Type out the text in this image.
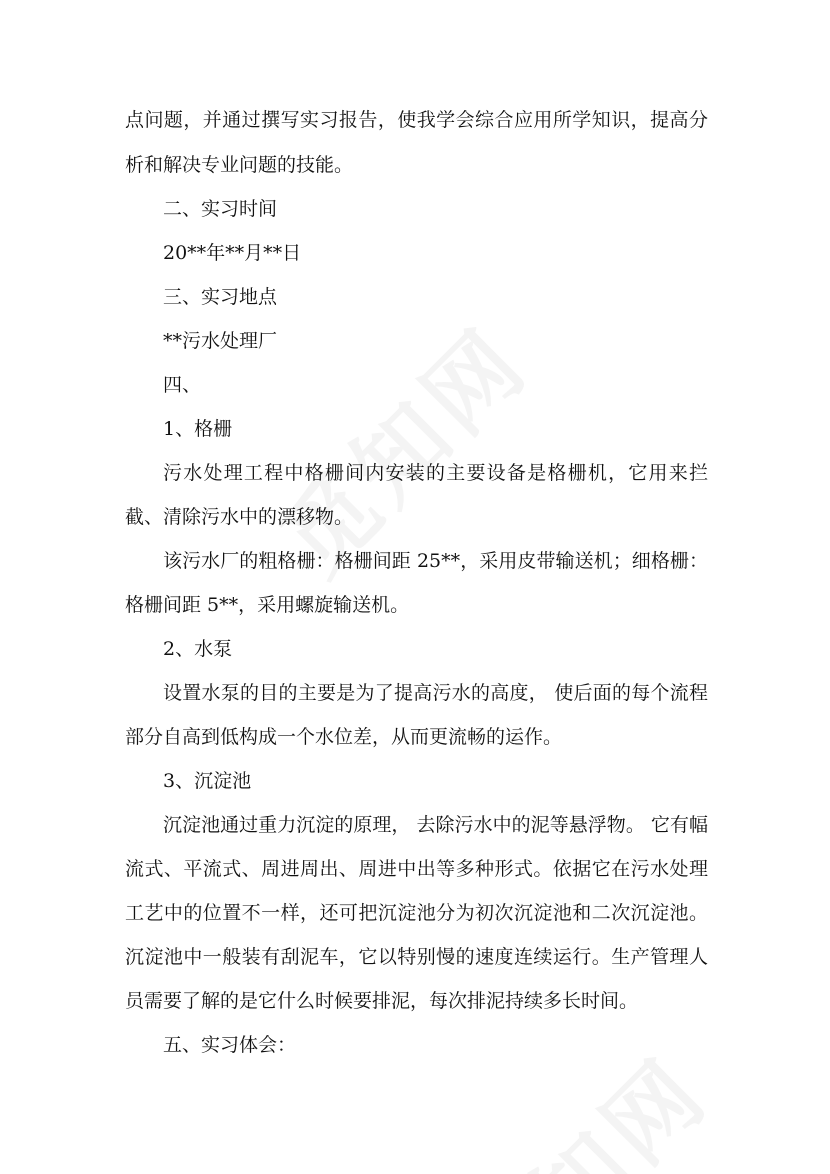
点问题，并通过撰写实习报告，使我学会综合应用所学知识，提高分
析和解决专业问题的技能。
二、实习时间
20**年**月**日
三、实习地点
**污水处理厂
四、
1、格栅
污水处理工程中格栅间内安装的主要设备是格栅机，它用来拦
截、清除污水中的漂移物。
该污水厂的粗格栅：格栅间距 25**，采用皮带输送机；细格栅：
格栅间距 5**，采用螺旋输送机。
2、水泵
设置水泵的目的主要是为了提高污水的高度， 使后面的每个流程
部分自高到低构成一个水位差，从而更流畅的运作。
3、沉淀池
沉淀池通过重力沉淀的原理， 去除污水中的泥等悬浮物。 它有幅
流式、平流式、周进周出、周进中出等多种形式。依据它在污水处理
工艺中的位置不一样，还可把沉淀池分为初次沉淀池和二次沉淀池。
沉淀池中一般装有刮泥车，它以特别慢的速度连续运行。生产管理人
员需要了解的是它什么时候要排泥，每次排泥持续多长时间。
五、实习体会：
